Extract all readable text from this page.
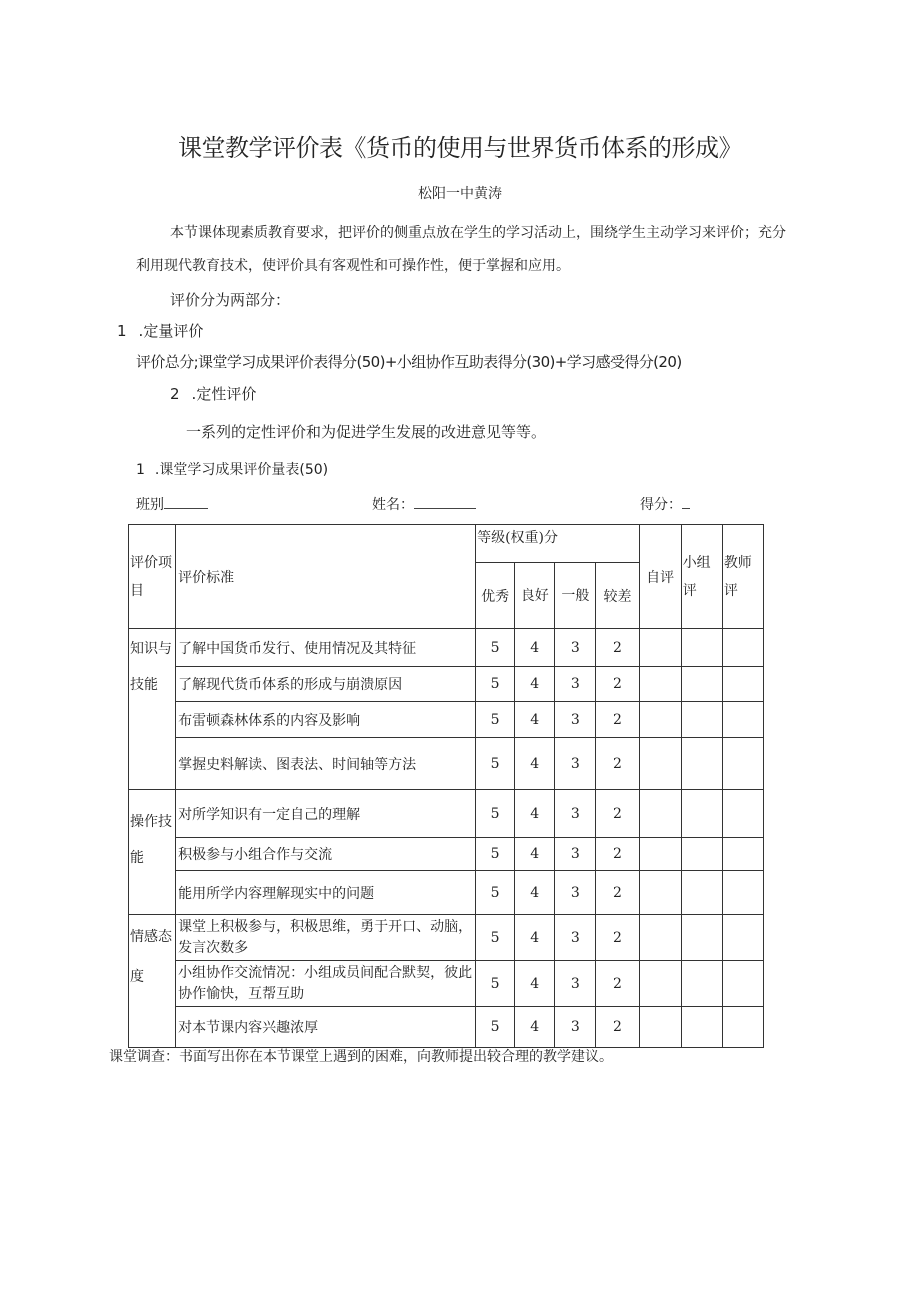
课堂教学评价表《货币的使用与世界货币体系的形成》
松阳一中黄涛
本节课体现素质教育要求，把评价的侧重点放在学生的学习活动上，围绕学生主动学习来评价；充分利用现代教育技术，使评价具有客观性和可操作性，便于掌握和应用。
评价分为两部分：
1 .定量评价
评价总分;课堂学习成果评价表得分(50)+小组协作互助表得分(30)+学习感受得分(20)
2 .定性评价
一系列的定性评价和为促进学生发展的改进意见等等。
1 .课堂学习成果评价量表(50)
班别	姓名：	得分：
评价项目	评价标准	等级(权重)分				自评	小组评	教师评
		优秀	良好	一般	较差			
知识与技能	了解中国货币发行、使用情况及其特征	5	4	3	2			
	了解现代货币体系的形成与崩溃原因	5	4	3	2			
	布雷顿森林体系的内容及影响	5	4	3	2			
	掌握史料解读、图表法、时间轴等方法	5	4	3	2			
操作技能	对所学知识有一定自己的理解	5	4	3	2			
	积极参与小组合作与交流	5	4	3	2			
	能用所学内容理解现实中的问题	5	4	3	2			
情感态度	课堂上积极参与，积极思维，勇于开口、动脑，发言次数多	5	4	3	2			
	小组协作交流情况：小组成员间配合默契，彼此协作愉快，互帮互助	5	4	3	2			
	对本节课内容兴趣浓厚	5	4	3	2			
课堂调查：书面写出你在本节课堂上遇到的困难，向教师提出较合理的教学建议。
